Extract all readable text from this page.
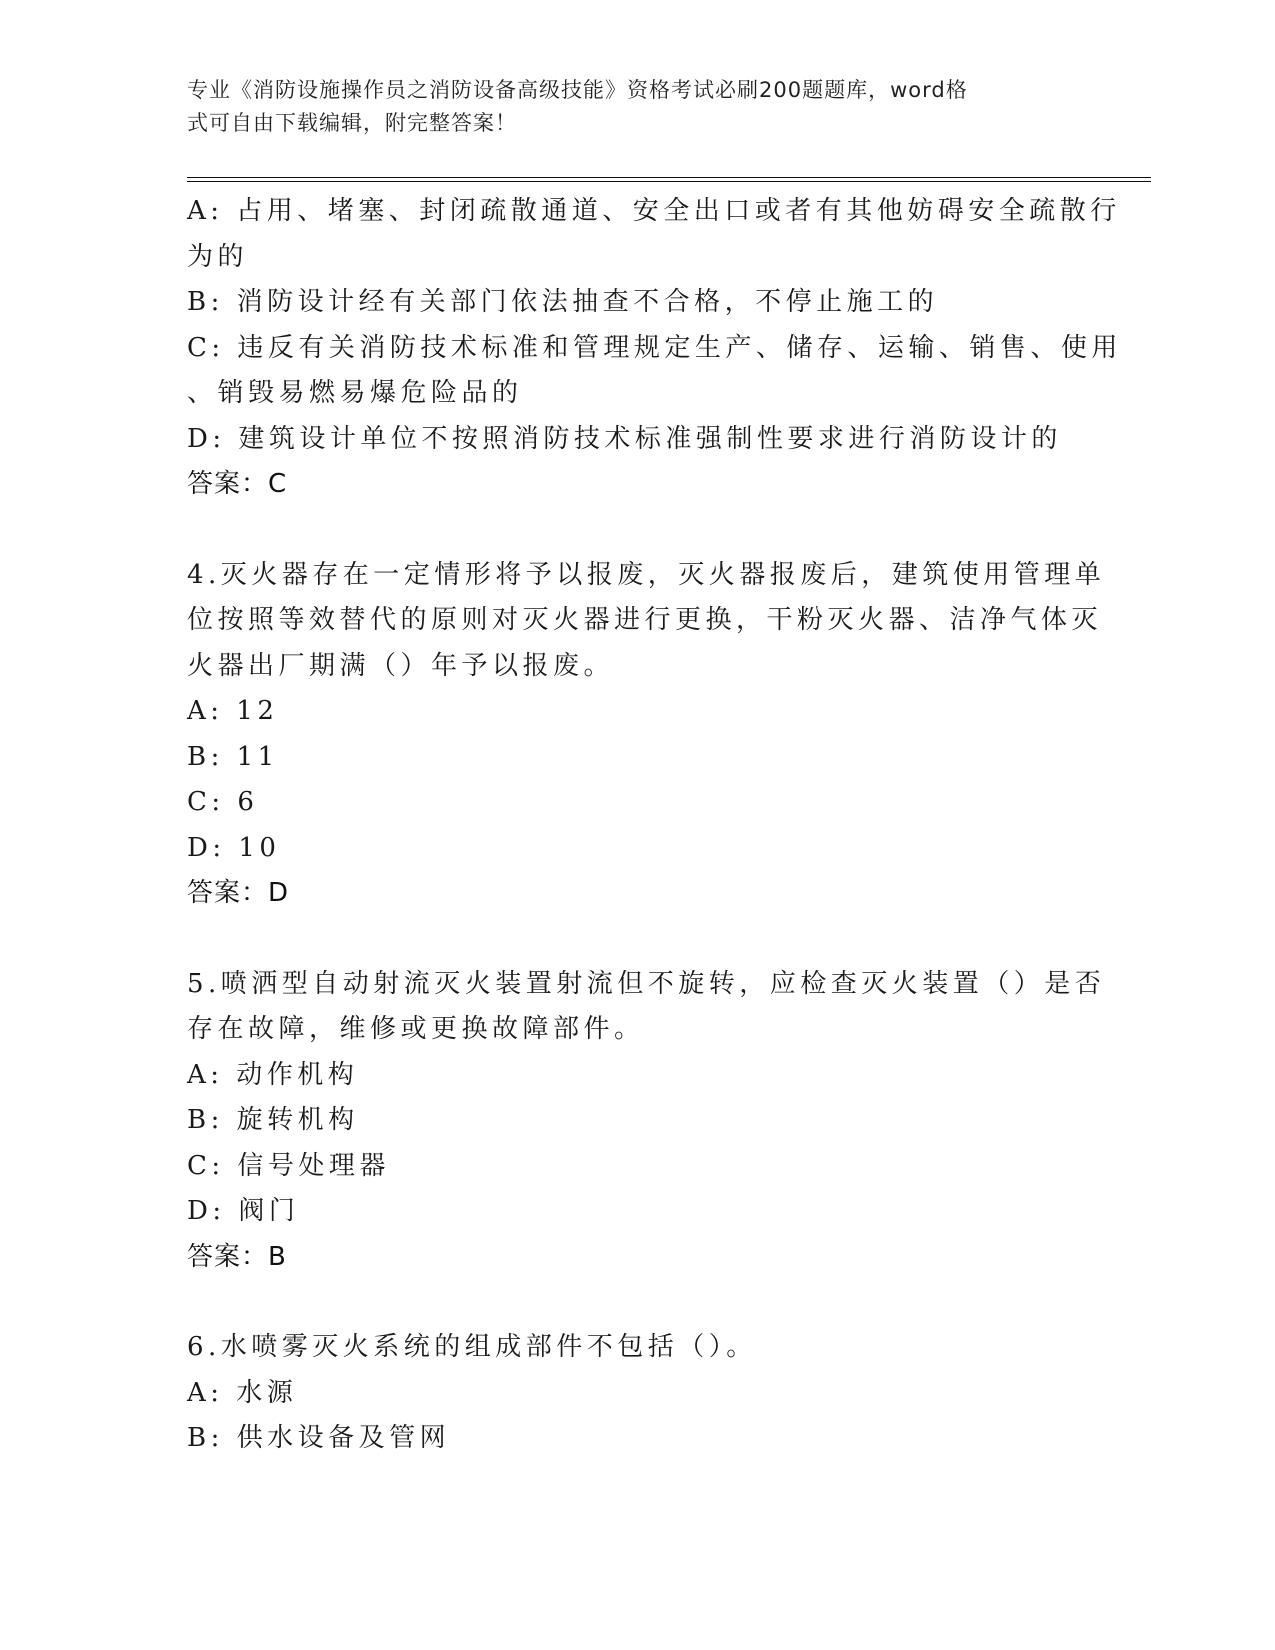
专业《消防设施操作员之消防设备高级技能》资格考试必刷200题题库，word格
式可自由下载编辑，附完整答案！
A: 占用、堵塞、封闭疏散通道、安全出口或者有其他妨碍安全疏散行
为的
B: 消防设计经有关部门依法抽查不合格，不停止施工的
C: 违反有关消防技术标准和管理规定生产、储存、运输、销售、使用
、销毁易燃易爆危险品的
D: 建筑设计单位不按照消防技术标准强制性要求进行消防设计的
答案：C
4.灭火器存在一定情形将予以报废，灭火器报废后，建筑使用管理单
位按照等效替代的原则对灭火器进行更换，干粉灭火器、洁净气体灭
火器出厂期满（）年予以报废。
A: 12
B: 11
C: 6
D: 10
答案：D
5.喷洒型自动射流灭火装置射流但不旋转，应检查灭火装置（）是否
存在故障，维修或更换故障部件。
A: 动作机构
B: 旋转机构
C: 信号处理器
D: 阀门
答案：B
6.水喷雾灭火系统的组成部件不包括（）。
A: 水源
B: 供水设备及管网
